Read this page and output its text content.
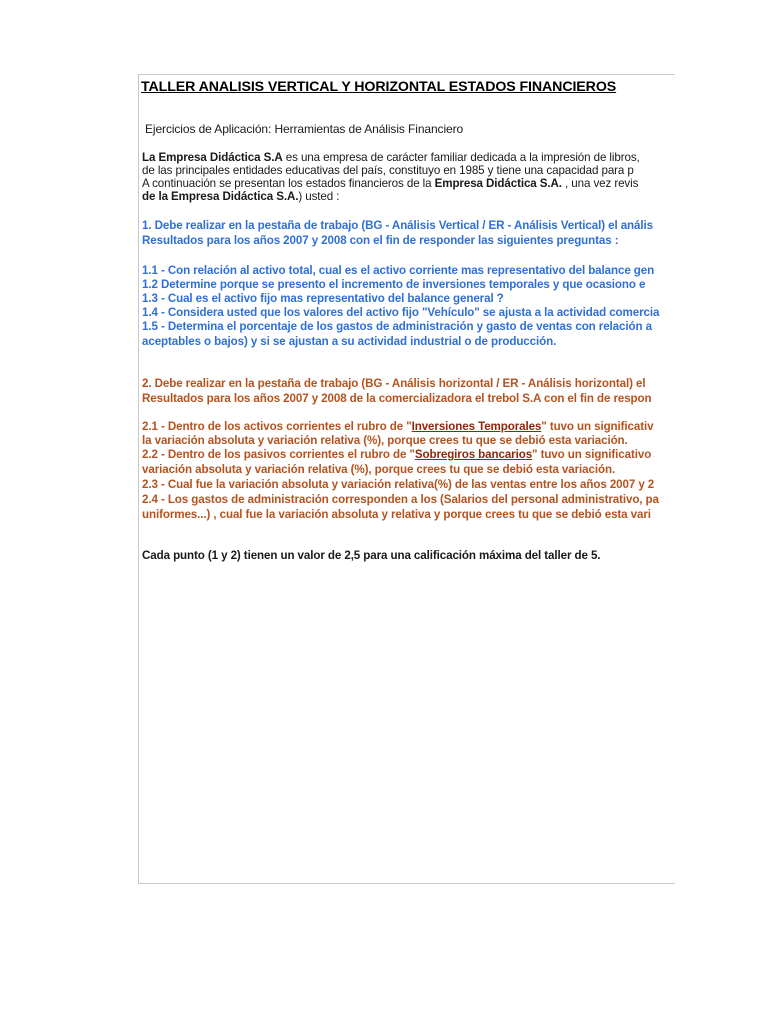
TALLER ANALISIS VERTICAL Y HORIZONTAL ESTADOS FINANCIEROS
Ejercicios de Aplicación: Herramientas de Análisis Financiero
La Empresa Didáctica S.A es una empresa de carácter familiar dedicada a la impresión de libros,
de las principales entidades educativas del país, constituyo en 1985 y tiene una capacidad para p
A continuación se presentan los estados financieros de la Empresa Didáctica S.A. , una vez revis
de la Empresa Didáctica S.A.) usted :
1. Debe realizar en la pestaña de trabajo (BG - Análisis Vertical / ER - Análisis Vertical) el anális
Resultados para los años 2007 y 2008 con el fin de responder las siguientes preguntas :
1.1 - Con relación al activo total, cual es el activo corriente mas representativo del balance gen
1.2 Determine porque se presento el incremento de inversiones temporales y que ocasiono e
1.3 - Cual es el activo fijo mas representativo del balance general ?
1.4 - Considera usted que los valores del activo fijo "Vehículo" se ajusta a la actividad comercia
1.5 - Determina el porcentaje de los gastos de administración y gasto de ventas con relación a
aceptables o bajos) y si se ajustan a su actividad industrial o de producción.
2. Debe realizar en la pestaña de trabajo (BG - Análisis horizontal / ER - Análisis horizontal) el
Resultados para los años 2007 y 2008 de la comercializadora el trebol S.A con el fin de respon
2.1 - Dentro de los activos corrientes el rubro de "Inversiones Temporales" tuvo un significativ
la variación absoluta y variación relativa (%), porque crees tu que se debió esta variación.
2.2 - Dentro de los pasivos corrientes el rubro de "Sobregiros bancarios" tuvo un significativo
variación absoluta y variación relativa (%), porque crees tu que se debió esta variación.
2.3 - Cual fue la variación absoluta y variación relativa(%) de las ventas entre los años 2007 y 2
2.4 - Los gastos de administración corresponden a los (Salarios del personal administrativo, pa
uniformes...) , cual fue la variación absoluta y relativa y porque crees tu que se debió esta vari
Cada punto (1 y 2) tienen un valor de 2,5 para una calificación máxima del taller de 5.
